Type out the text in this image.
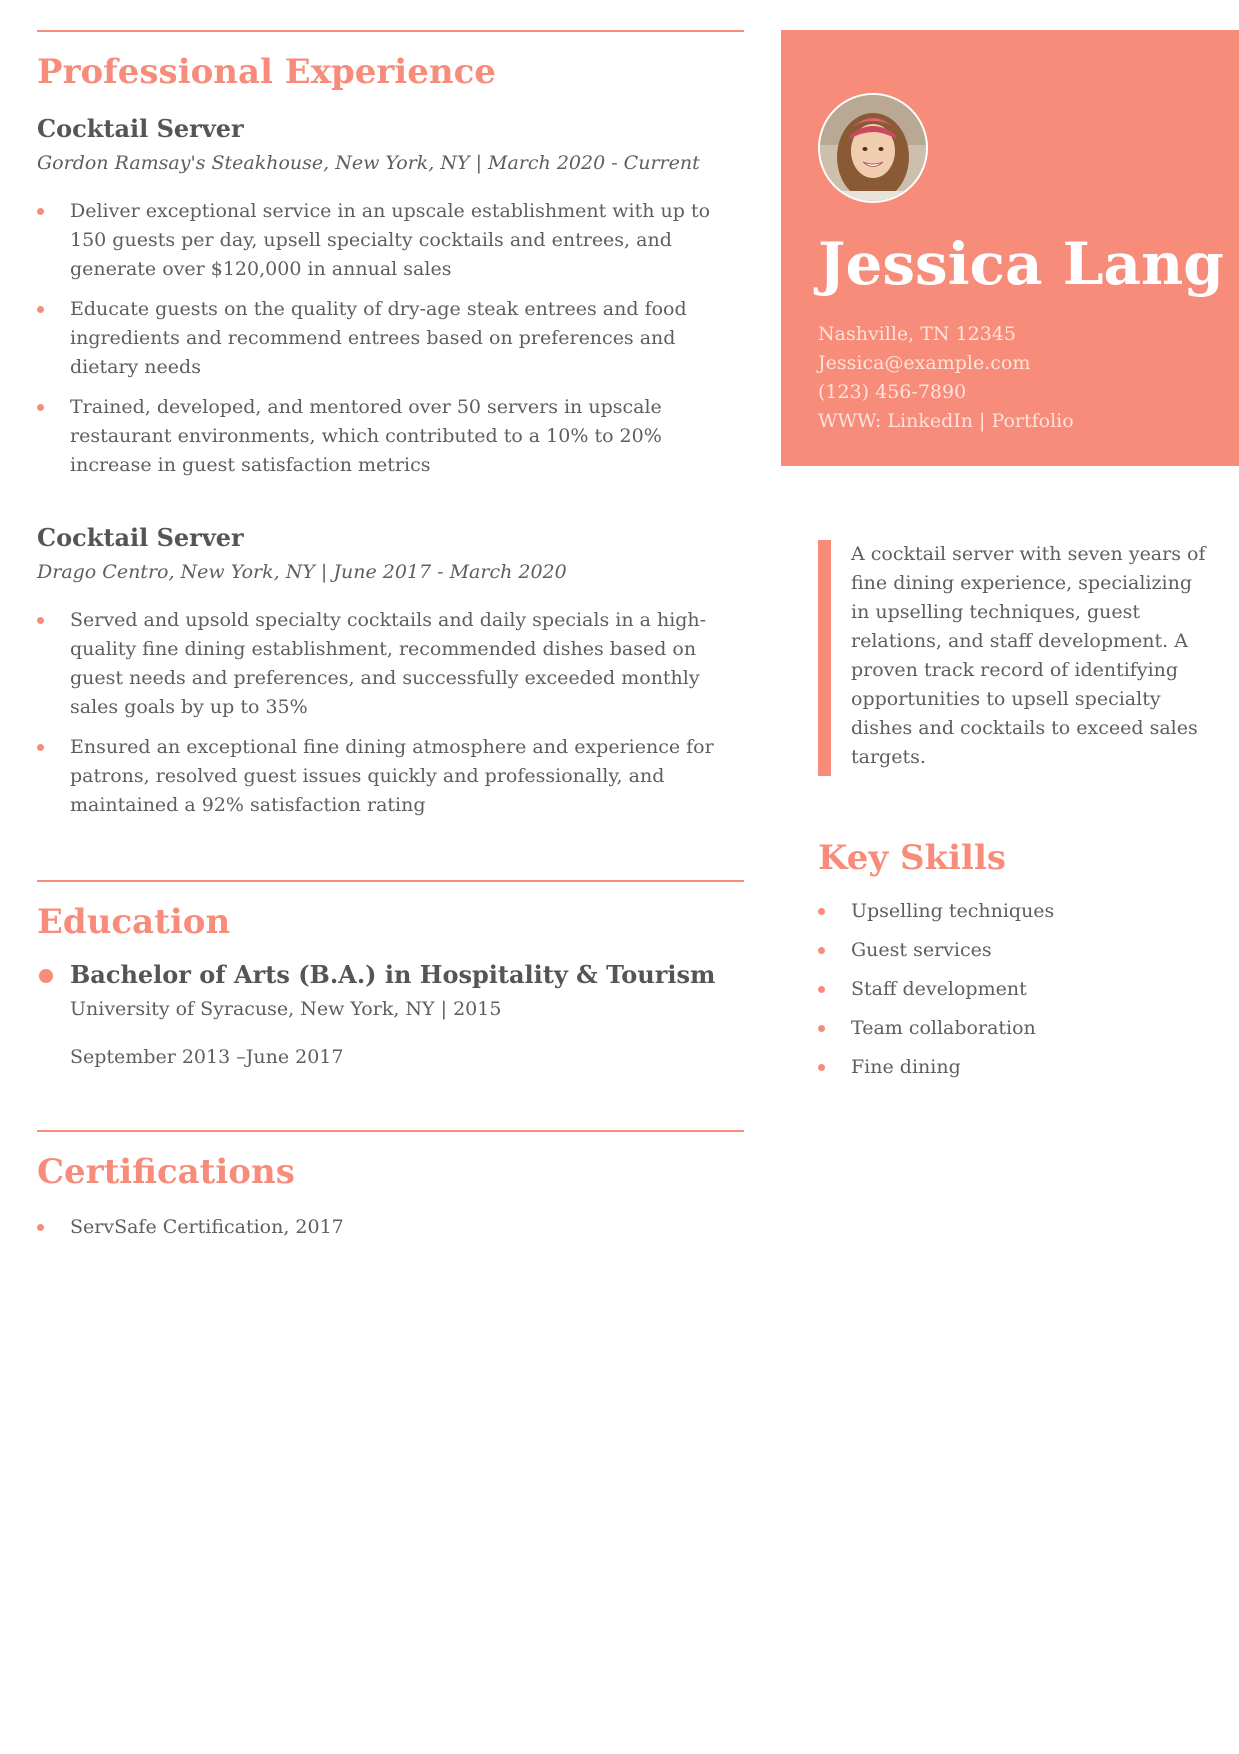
Professional Experience
Cocktail Server
Gordon Ramsay's Steakhouse, New York, NY | March 2020 - Current
Deliver exceptional service in an upscale establishment with up to 150 guests per day, upsell specialty cocktails and entrees, and generate over $120,000 in annual sales
Educate guests on the quality of dry-age steak entrees and food ingredients and recommend entrees based on preferences and dietary needs
Trained, developed, and mentored over 50 servers in upscale restaurant environments, which contributed to a 10% to 20% increase in guest satisfaction metrics
Cocktail Server
Drago Centro, New York, NY | June 2017 - March 2020
Served and upsold specialty cocktails and daily specials in a high-quality fine dining establishment, recommended dishes based on guest needs and preferences, and successfully exceeded monthly sales goals by up to 35%
Ensured an exceptional fine dining atmosphere and experience for patrons, resolved guest issues quickly and professionally, and maintained a 92% satisfaction rating
Education
Bachelor of Arts (B.A.) in Hospitality & Tourism
University of Syracuse, New York, NY | 2015
September 2013 –June 2017
Certifications
ServSafe Certification, 2017
Jessica Lang
Nashville, TN 12345
Jessica@example.com
(123) 456-7890
WWW: LinkedIn | Portfolio
A cocktail server with seven years of fine dining experience, specializing in upselling techniques, guest relations, and staff development. A proven track record of identifying opportunities to upsell specialty dishes and cocktails to exceed sales targets.
Key Skills
Upselling techniques
Guest services
Staff development
Team collaboration
Fine dining
